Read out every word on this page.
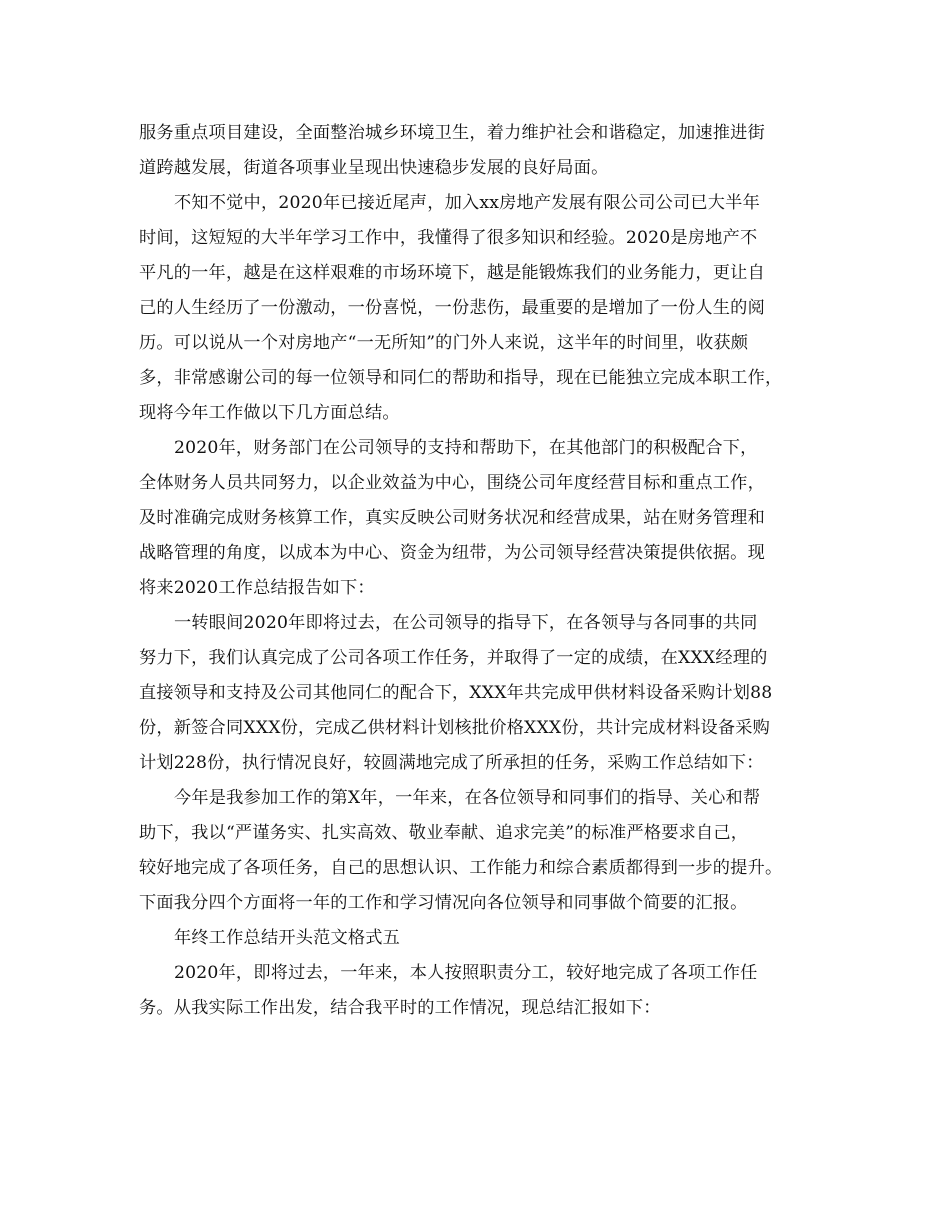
服务重点项目建设，全面整治城乡环境卫生，着力维护社会和谐稳定，加速推进街
道跨越发展，街道各项事业呈现出快速稳步发展的良好局面。
不知不觉中，2020年已接近尾声，加入xx房地产发展有限公司公司已大半年
时间，这短短的大半年学习工作中，我懂得了很多知识和经验。2020是房地产不
平凡的一年，越是在这样艰难的市场环境下，越是能锻炼我们的业务能力，更让自
己的人生经历了一份激动，一份喜悦，一份悲伤，最重要的是增加了一份人生的阅
历。可以说从一个对房地产“一无所知”的门外人来说，这半年的时间里，收获颇
多，非常感谢公司的每一位领导和同仁的帮助和指导，现在已能独立完成本职工作，
现将今年工作做以下几方面总结。
2020年，财务部门在公司领导的支持和帮助下，在其他部门的积极配合下，
全体财务人员共同努力，以企业效益为中心，围绕公司年度经营目标和重点工作，
及时准确完成财务核算工作，真实反映公司财务状况和经营成果，站在财务管理和
战略管理的角度，以成本为中心、资金为纽带，为公司领导经营决策提供依据。现
将来2020工作总结报告如下：
一转眼间2020年即将过去，在公司领导的指导下，在各领导与各同事的共同
努力下，我们认真完成了公司各项工作任务，并取得了一定的成绩，在XXX经理的
直接领导和支持及公司其他同仁的配合下，XXX年共完成甲供材料设备采购计划88
份，新签合同XXX份，完成乙供材料计划核批价格XXX份，共计完成材料设备采购
计划228份，执行情况良好，较圆满地完成了所承担的任务，采购工作总结如下：
今年是我参加工作的第X年，一年来，在各位领导和同事们的指导、关心和帮
助下，我以“严谨务实、扎实高效、敬业奉献、追求完美”的标准严格要求自己，
较好地完成了各项任务，自己的思想认识、工作能力和综合素质都得到一步的提升。
下面我分四个方面将一年的工作和学习情况向各位领导和同事做个简要的汇报。
年终工作总结开头范文格式五
2020年，即将过去，一年来，本人按照职责分工，较好地完成了各项工作任
务。从我实际工作出发，结合我平时的工作情况，现总结汇报如下：
